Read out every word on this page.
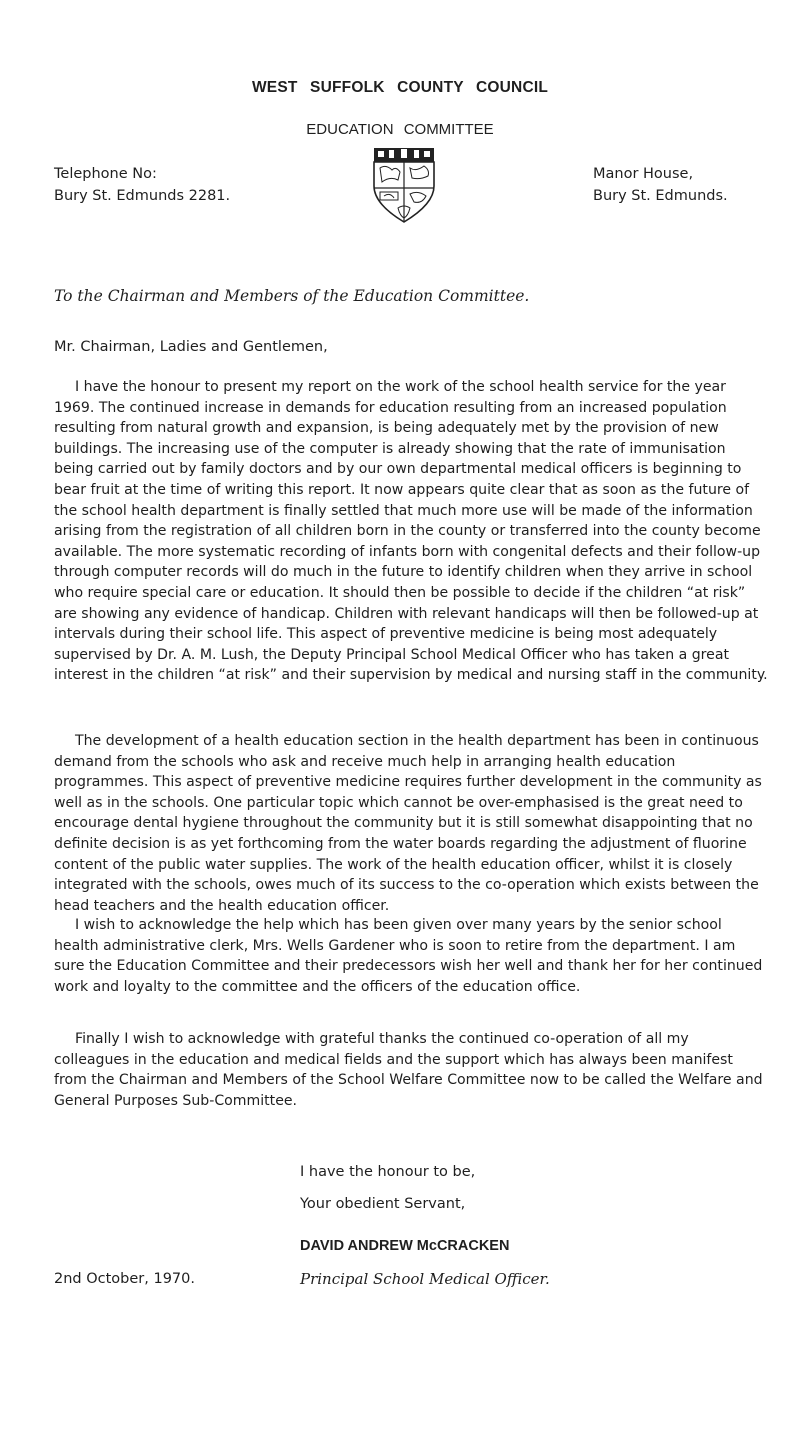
WEST SUFFOLK COUNTY COUNCIL
EDUCATION COMMITTEE
Telephone No:
Bury St. Edmunds 2281.
Manor House,
Bury St. Edmunds.
To the Chairman and Members of the Education Committee.
Mr. Chairman, Ladies and Gentlemen,

I have the honour to present my report on the work of the school health service for the year 1969. The continued increase in demands for education resulting from an increased population resulting from natural growth and expansion, is being adequately met by the provision of new buildings. The increasing use of the computer is already showing that the rate of immunisation being carried out by family doctors and by our own departmental medical officers is beginning to bear fruit at the time of writing this report. It now appears quite clear that as soon as the future of the school health department is finally settled that much more use will be made of the information arising from the registration of all children born in the county or transferred into the county become available. The more systematic recording of infants born with congenital defects and their follow-up through computer records will do much in the future to identify children when they arrive in school who require special care or education. It should then be possible to decide if the children “at risk” are showing any evidence of handicap. Children with relevant handicaps will then be followed-up at intervals during their school life. This aspect of preventive medicine is being most adequately supervised by Dr. A. M. Lush, the Deputy Principal School Medical Officer who has taken a great interest in the children “at risk” and their supervision by medical and nursing staff in the community.

The development of a health education section in the health department has been in continuous demand from the schools who ask and receive much help in arranging health education programmes. This aspect of preventive medicine requires further development in the community as well as in the schools. One particular topic which cannot be over-emphasised is the great need to encourage dental hygiene throughout the community but it is still somewhat disappointing that no definite decision is as yet forthcoming from the water boards regarding the adjustment of fluorine content of the public water supplies. The work of the health education officer, whilst it is closely integrated with the schools, owes much of its success to the co-operation which exists between the head teachers and the health education officer.

I wish to acknowledge the help which has been given over many years by the senior school health administrative clerk, Mrs. Wells Gardener who is soon to retire from the department. I am sure the Education Committee and their predecessors wish her well and thank her for her continued work and loyalty to the committee and the officers of the education office.

Finally I wish to acknowledge with grateful thanks the continued co-operation of all my colleagues in the education and medical fields and the support which has always been manifest from the Chairman and Members of the School Welfare Committee now to be called the Welfare and General Purposes Sub-Committee.

I have the honour to be,
Your obedient Servant,
DAVID ANDREW McCRACKEN
2nd October, 1970.	Principal School Medical Officer.
